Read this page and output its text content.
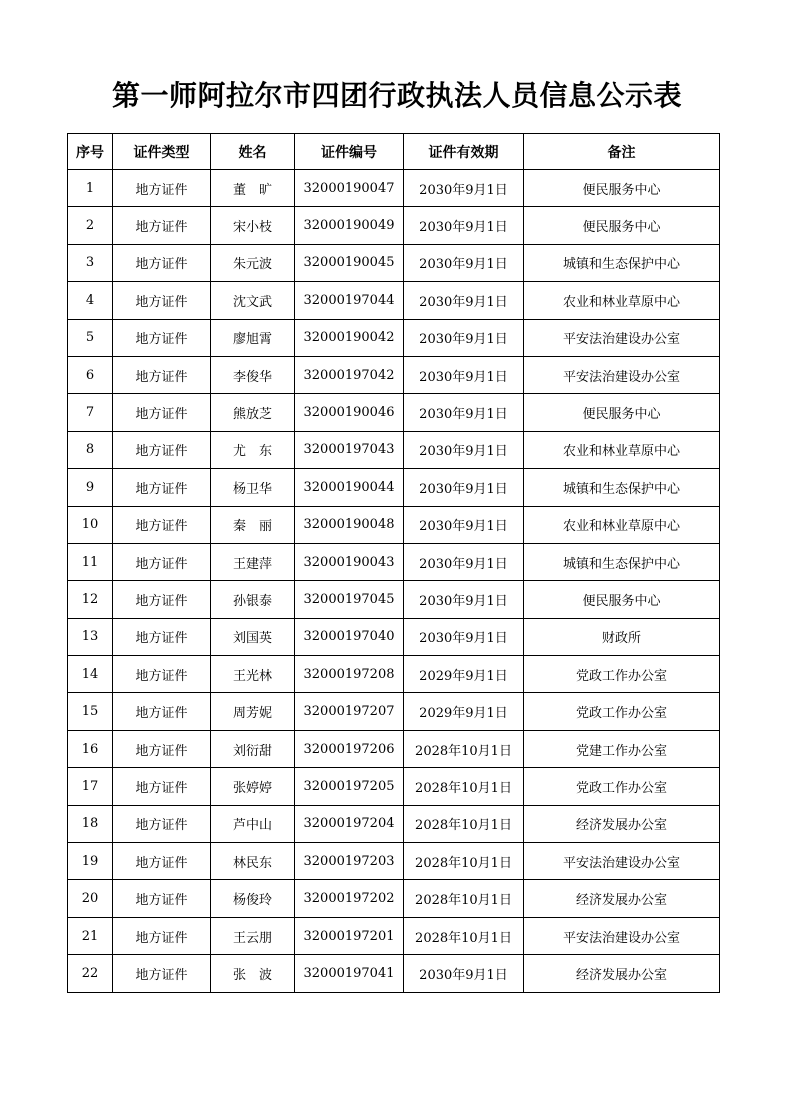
第一师阿拉尔市四团行政执法人员信息公示表
序号	证件类型	姓名	证件编号	证件有效期	备注
1	地方证件	董　旷	32000190047	2030年9月1日	便民服务中心
2	地方证件	宋小枝	32000190049	2030年9月1日	便民服务中心
3	地方证件	朱元波	32000190045	2030年9月1日	城镇和生态保护中心
4	地方证件	沈文武	32000197044	2030年9月1日	农业和林业草原中心
5	地方证件	廖旭霄	32000190042	2030年9月1日	平安法治建设办公室
6	地方证件	李俊华	32000197042	2030年9月1日	平安法治建设办公室
7	地方证件	熊放芝	32000190046	2030年9月1日	便民服务中心
8	地方证件	尤　东	32000197043	2030年9月1日	农业和林业草原中心
9	地方证件	杨卫华	32000190044	2030年9月1日	城镇和生态保护中心
10	地方证件	秦　丽	32000190048	2030年9月1日	农业和林业草原中心
11	地方证件	王建萍	32000190043	2030年9月1日	城镇和生态保护中心
12	地方证件	孙银泰	32000197045	2030年9月1日	便民服务中心
13	地方证件	刘国英	32000197040	2030年9月1日	财政所
14	地方证件	王光林	32000197208	2029年9月1日	党政工作办公室
15	地方证件	周芳妮	32000197207	2029年9月1日	党政工作办公室
16	地方证件	刘衍甜	32000197206	2028年10月1日	党建工作办公室
17	地方证件	张婷婷	32000197205	2028年10月1日	党政工作办公室
18	地方证件	芦中山	32000197204	2028年10月1日	经济发展办公室
19	地方证件	林民东	32000197203	2028年10月1日	平安法治建设办公室
20	地方证件	杨俊玲	32000197202	2028年10月1日	经济发展办公室
21	地方证件	王云朋	32000197201	2028年10月1日	平安法治建设办公室
22	地方证件	张　波	32000197041	2030年9月1日	经济发展办公室
